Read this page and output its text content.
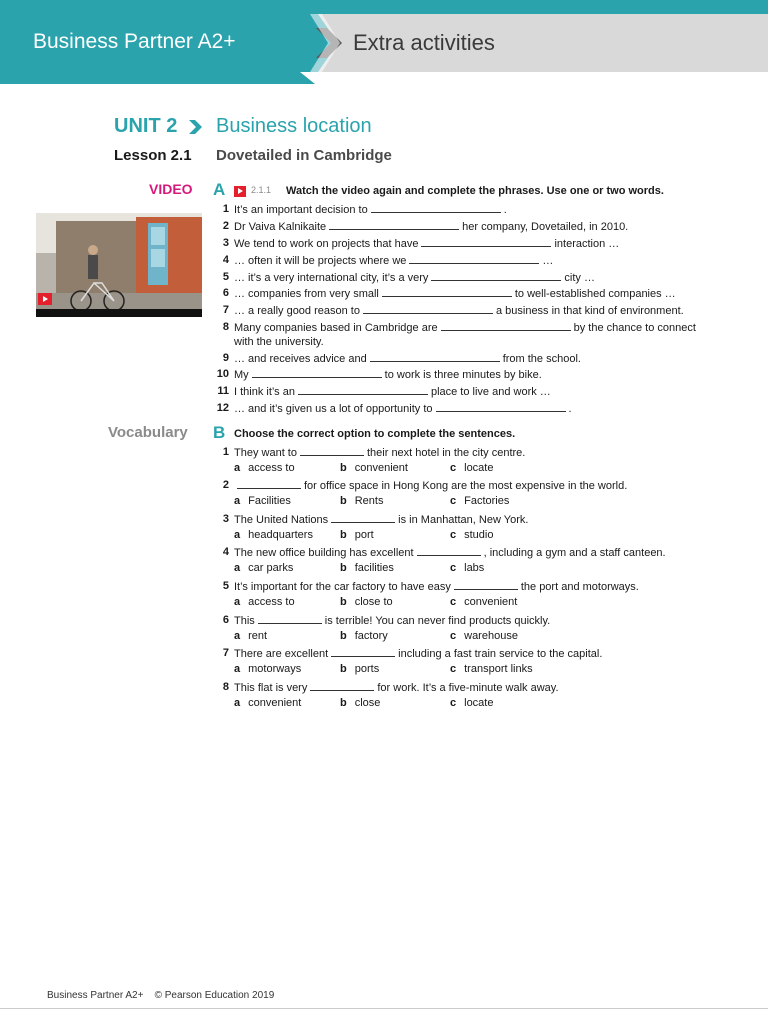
Business Partner A2+	Extra activities
UNIT 2 Business location
Lesson 2.1 Dovetailed in Cambridge
VIDEO A	2.1.1 Watch the video again and complete the phrases. Use one or two words.
1 It’s an important decision to	.
2 Dr Vaiva Kalnikaite	her company, Dovetailed, in 2010.
3 We tend to work on projects that have	interaction …
4 … often it will be projects where we	…
5 … it’s a very international city, it’s a very	city …
6 … companies from very small	to well-established companies …
7 … a really good reason to	a business in that kind of environment.
8 Many companies based in Cambridge are	by the chance to connect with the university.
9 … and receives advice and	from the school.
10 My	to work is three minutes by bike.
11 I think it’s an	place to live and work …
12 … and it’s given us a lot of opportunity to	.
Vocabulary B Choose the correct option to complete the sentences.
1 They want to	their next hotel in the city centre.
a access to	b convenient	c locate
2	for office space in Hong Kong are the most expensive in the world.
a Facilities	b Rents	c Factories
3 The United Nations	is in Manhattan, New York.
a headquarters b port	c studio
4 The new office building has excellent	, including a gym and a staff canteen.
a car parks	b facilities	c labs
5 It’s important for the car factory to have easy	the port and motorways.
a access to	b close to	c convenient
6 This	is terrible! You can never find products quickly.
a rent	b factory	c warehouse
7 There are excellent	including a fast train service to the capital.
a motorways	b ports	c transport links
8 This flat is very	for work. It’s a five-minute walk away.
a convenient	b close	c locate
Business Partner A2+ © Pearson Education 2019
